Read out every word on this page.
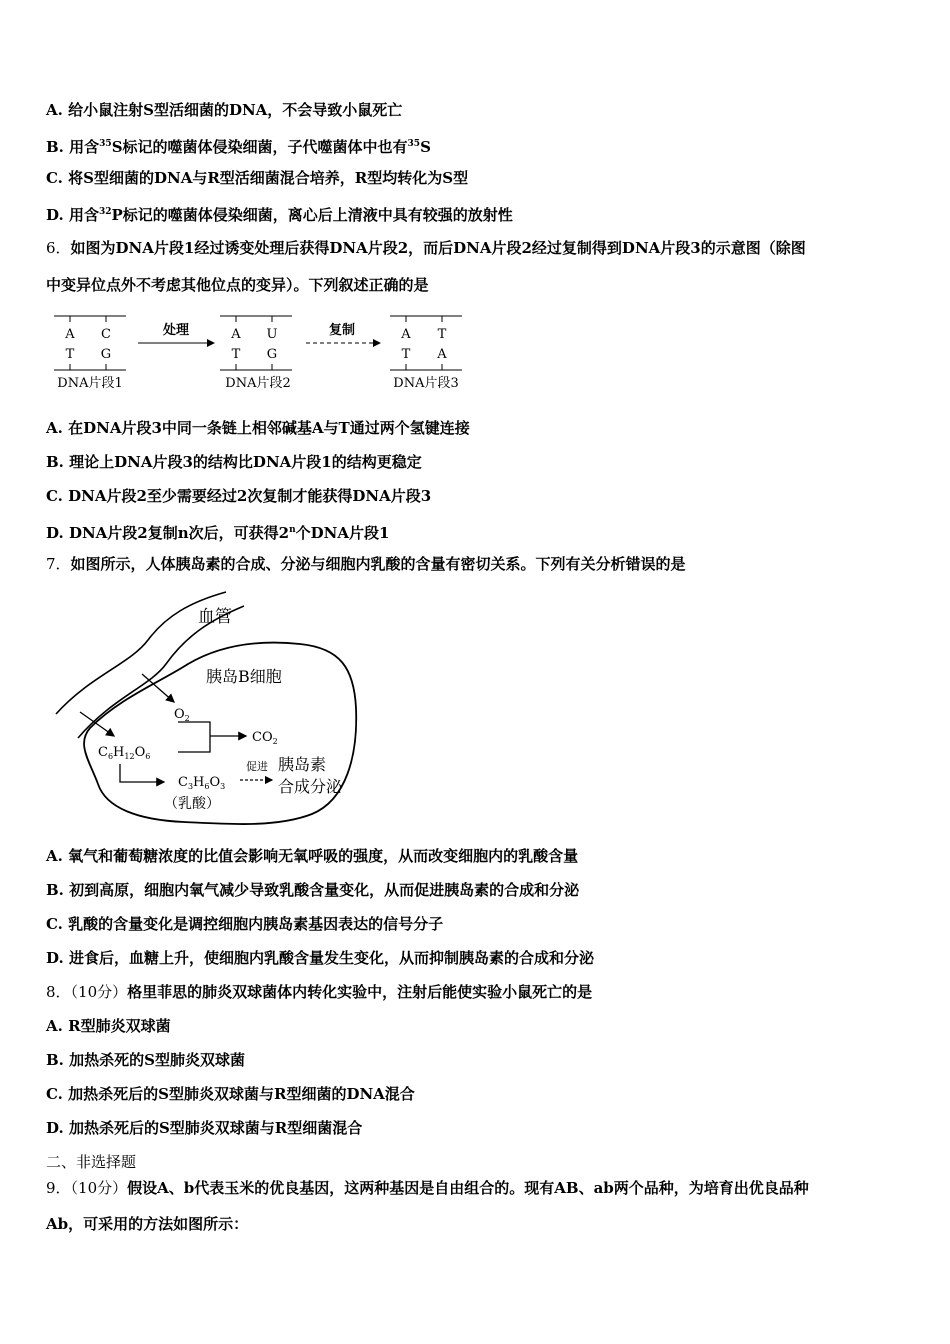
A. 给小鼠注射S型活细菌的DNA，不会导致小鼠死亡
B. 用含$^{35}$S标记的噬菌体侵染细菌，子代噬菌体中也有$^{35}$S
C. 将S型细菌的DNA与R型活细菌混合培养，R型均转化为S型
D. 用含$^{32}$P标记的噬菌体侵染细菌，离心后上清液中具有较强的放射性
6．如图为DNA片段1经过诱变处理后获得DNA片段2，而后DNA片段2经过复制得到DNA片段3的示意图（除图
中变异位点外不考虑其他位点的变异）。下列叙述正确的是
A C
T G
DNA片段1
处理	A U
T G
DNA片段2
复制	A T
T A
DNA片段3
A. 在DNA片段3中同一条链上相邻碱基A与T通过两个氢键连接
B. 理论上DNA片段3的结构比DNA片段1的结构更稳定
C. DNA片段2至少需要经过2次复制才能获得DNA片段3
D. DNA片段2复制n次后，可获得2$^n$个DNA片段1
7．如图所示，人体胰岛素的合成、分泌与细胞内乳酸的含量有密切关系。下列有关分析错误的是
血管
胰岛B细胞
$O_2$
$CO_2$
$C_6H_{12}O_6$
$C_3H_6O_3$
（乳酸）
促进 胰岛素
合成分泌
A. 氧气和葡萄糖浓度的比值会影响无氧呼吸的强度，从而改变细胞内的乳酸含量
B. 初到高原，细胞内氧气减少导致乳酸含量变化，从而促进胰岛素的合成和分泌
C. 乳酸的含量变化是调控细胞内胰岛素基因表达的信号分子
D. 进食后，血糖上升，使细胞内乳酸含量发生变化，从而抑制胰岛素的合成和分泌
8．（10分）格里菲思的肺炎双球菌体内转化实验中，注射后能使实验小鼠死亡的是
A. R型肺炎双球菌
B. 加热杀死的S型肺炎双球菌
C. 加热杀死后的S型肺炎双球菌与R型细菌的DNA混合
D. 加热杀死后的S型肺炎双球菌与R型细菌混合
二、非选择题
9．（10分）假设A、b代表玉米的优良基因，这两种基因是自由组合的。现有AB、ab两个品种，为培育出优良品种
Ab，可采用的方法如图所示：
